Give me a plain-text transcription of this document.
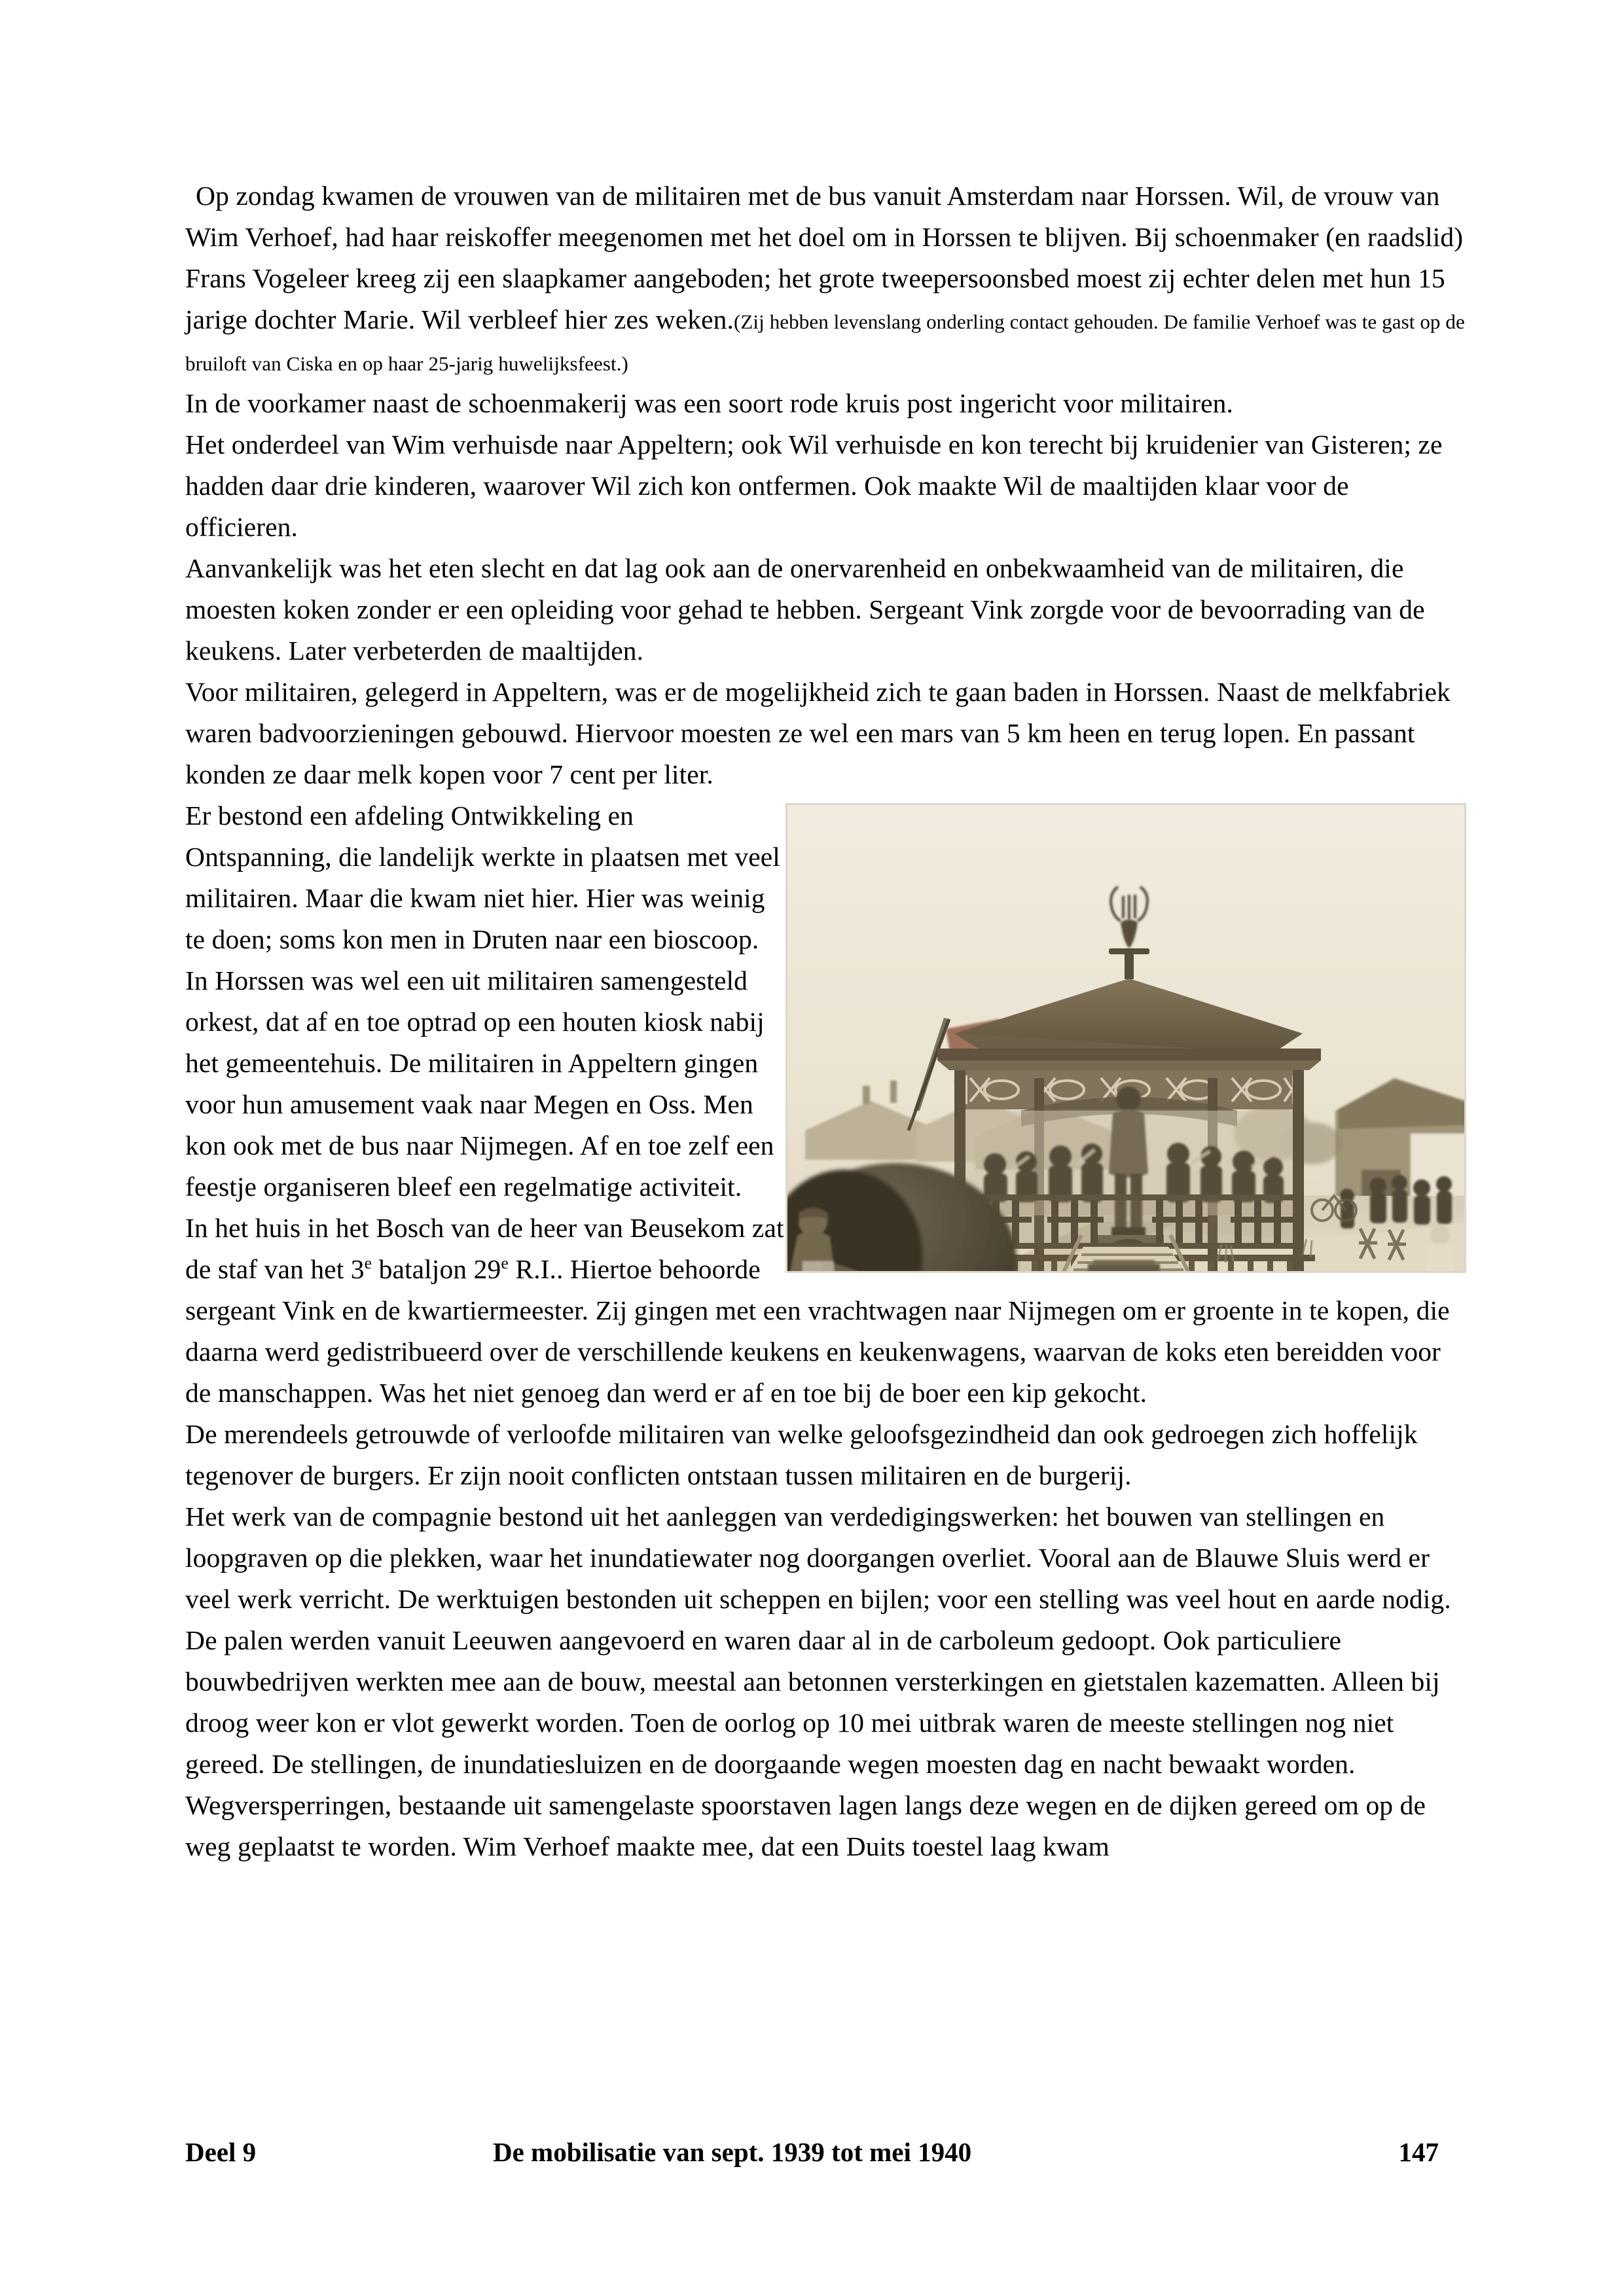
Op zondag kwamen de vrouwen van de militairen met de bus vanuit Amsterdam naar Horssen. Wil, de vrouw van Wim Verhoef, had haar reiskoffer meegenomen met het doel om in Horssen te blijven. Bij schoenmaker (en raadslid) Frans Vogeleer kreeg zij een slaapkamer aangeboden; het grote tweepersoonsbed moest zij echter delen met hun 15 jarige dochter Marie. Wil verbleef hier zes weken.(Zij hebben levenslang onderling contact gehouden. De familie Verhoef was te gast op de bruiloft van Ciska en op haar 25-jarig huwelijksfeest.)

In de voorkamer naast de schoenmakerij was een soort rode kruis post ingericht voor militairen.

Het onderdeel van Wim verhuisde naar Appeltern; ook Wil verhuisde en kon terecht bij kruidenier van Gisteren; ze hadden daar drie kinderen, waarover Wil zich kon ontfermen. Ook maakte Wil de maaltijden klaar voor de officieren.

Aanvankelijk was het eten slecht en dat lag ook aan de onervarenheid en onbekwaamheid van de militairen, die moesten koken zonder er een opleiding voor gehad te hebben. Sergeant Vink zorgde voor de bevoorrading van de keukens. Later verbeterden de maaltijden.

Voor militairen, gelegerd in Appeltern, was er de mogelijkheid zich te gaan baden in Horssen. Naast de melkfabriek waren badvoorzieningen gebouwd. Hiervoor moesten ze wel een mars van 5 km heen en terug lopen. En passant konden ze daar melk kopen voor 7 cent per liter.

Er bestond een afdeling Ontwikkeling en Ontspanning, die landelijk werkte in plaatsen met veel militairen. Maar die kwam niet hier. Hier was weinig te doen; soms kon men in Druten naar een bioscoop.

In Horssen was wel een uit militairen samengesteld orkest, dat af en toe optrad op een houten kiosk nabij het gemeentehuis. De militairen in Appeltern gingen voor hun amusement vaak naar Megen en Oss. Men kon ook met de bus naar Nijmegen. Af en toe zelf een feestje organiseren bleef een regelmatige activiteit.

In het huis in het Bosch van de heer van Beusekom zat de staf van het 3e bataljon 29e R.I.. Hiertoe behoorde sergeant Vink en de kwartiermeester. Zij gingen met een vrachtwagen naar Nijmegen om er groente in te kopen, die daarna werd gedistribueerd over de verschillende keukens en keukenwagens, waarvan de koks eten bereidden voor de manschappen. Was het niet genoeg dan werd er af en toe bij de boer een kip gekocht.

De merendeels getrouwde of verloofde militairen van welke geloofsgezindheid dan ook gedroegen zich hoffelijk tegenover de burgers. Er zijn nooit conflicten ontstaan tussen militairen en de burgerij.

Het werk van de compagnie bestond uit het aanleggen van verdedigingswerken: het bouwen van stellingen en loopgraven op die plekken, waar het inundatiewater nog doorgangen overliet. Vooral aan de Blauwe Sluis werd er veel werk verricht. De werktuigen bestonden uit scheppen en bijlen; voor een stelling was veel hout en aarde nodig. De palen werden vanuit Leeuwen aangevoerd en waren daar al in de carboleum gedoopt. Ook particuliere bouwbedrijven werkten mee aan de bouw, meestal aan betonnen versterkingen en gietstalen kazematten. Alleen bij droog weer kon er vlot gewerkt worden. Toen de oorlog op 10 mei uitbrak waren de meeste stellingen nog niet gereed. De stellingen, de inundatiesluizen en de doorgaande wegen moesten dag en nacht bewaakt worden. Wegversperringen, bestaande uit samengelaste spoorstaven lagen langs deze wegen en de dijken gereed om op de weg geplaatst te worden. Wim Verhoef maakte mee, dat een Duits toestel laag kwam

Deel 9	De mobilisatie van sept. 1939 tot mei 1940	147
